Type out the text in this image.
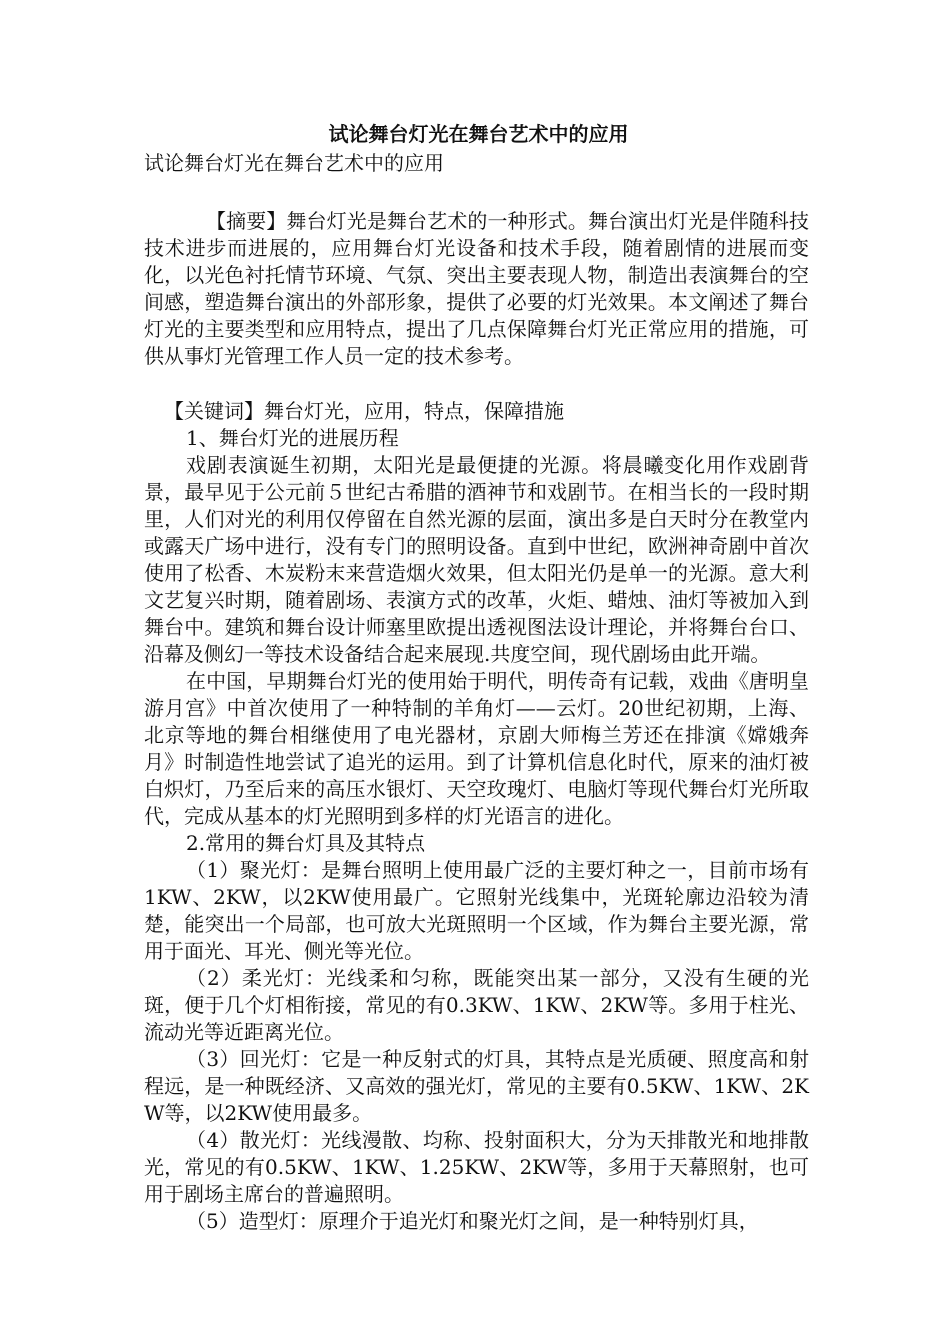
试论舞台灯光在舞台艺术中的应用
试论舞台灯光在舞台艺术中的应用

【摘要】舞台灯光是舞台艺术的一种形式。舞台演出灯光是伴随科技技术进步而进展的，应用舞台灯光设备和技术手段，随着剧情的进展而变化，以光色衬托情节环境、气氛、突出主要表现人物，制造出表演舞台的空间感，塑造舞台演出的外部形象，提供了必要的灯光效果。本文阐述了舞台灯光的主要类型和应用特点，提出了几点保障舞台灯光正常应用的措施，可供从事灯光管理工作人员一定的技术参考。

【关键词】舞台灯光，应用，特点，保障措施

1、舞台灯光的进展历程

戏剧表演诞生初期，太阳光是最便捷的光源。将晨曦变化用作戏剧背景，最早见于公元前５世纪古希腊的酒神节和戏剧节。在相当长的一段时期里，人们对光的利用仅停留在自然光源的层面，演出多是白天时分在教堂内或露天广场中进行，没有专门的照明设备。直到中世纪，欧洲神奇剧中首次使用了松香、木炭粉末来营造烟火效果，但太阳光仍是单一的光源。意大利文艺复兴时期，随着剧场、表演方式的改革，火炬、蜡烛、油灯等被加入到舞台中。建筑和舞台设计师塞里欧提出透视图法设计理论，并将舞台台口、沿幕及侧幻一等技术设备结合起来展现.共度空间，现代剧场由此开端。

在中国，早期舞台灯光的使用始于明代，明传奇有记载，戏曲《唐明皇游月宫》中首次使用了一种特制的羊角灯——云灯。20世纪初期，上海、北京等地的舞台相继使用了电光器材，京剧大师梅兰芳还在排演《嫦娥奔月》时制造性地尝试了追光的运用。到了计算机信息化时代，原来的油灯被白炽灯，乃至后来的高压水银灯、天空玫瑰灯、电脑灯等现代舞台灯光所取代，完成从基本的灯光照明到多样的灯光语言的进化。

2.常用的舞台灯具及其特点

（1）聚光灯：是舞台照明上使用最广泛的主要灯种之一，目前市场有1KW、2KW，以2KW使用最广。它照射光线集中，光斑轮廓边沿较为清楚，能突出一个局部，也可放大光斑照明一个区域，作为舞台主要光源，常用于面光、耳光、侧光等光位。

（2）柔光灯：光线柔和匀称，既能突出某一部分，又没有生硬的光斑，便于几个灯相衔接，常见的有0.3KW、1KW、2KW等。多用于柱光、流动光等近距离光位。

（3）回光灯：它是一种反射式的灯具，其特点是光质硬、照度高和射程远，是一种既经济、又高效的强光灯，常见的主要有0.5KW、1KW、2KW等，以2KW使用最多。

（4）散光灯：光线漫散、均称、投射面积大，分为天排散光和地排散光，常见的有0.5KW、1KW、1.25KW、2KW等，多用于天幕照射，也可用于剧场主席台的普遍照明。

（5）造型灯：原理介于追光灯和聚光灯之间，是一种特别灯具，
